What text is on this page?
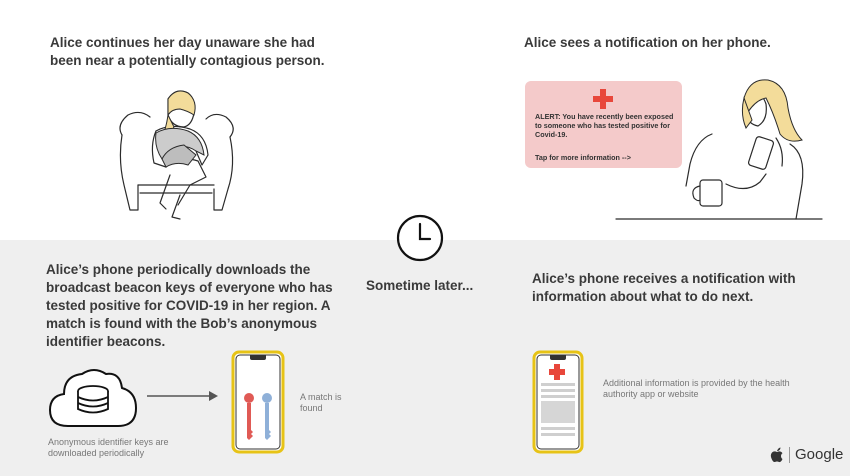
Alice continues her day unaware she had been near a potentially contagious person.

Alice sees a notification on her phone.

ALERT: You have recently been exposed to someone who has tested positive for Covid-19.
Tap for more information -->

Sometime later...

Alice’s phone periodically downloads the broadcast beacon keys of everyone who has tested positive for COVID-19 in her region. A match is found with the Bob’s anonymous identifier beacons.

A match is found
Anonymous identifier keys are downloaded periodically

Alice’s phone receives a notification with information about what to do next.

Additional information is provided by the health authority app or website
Google
